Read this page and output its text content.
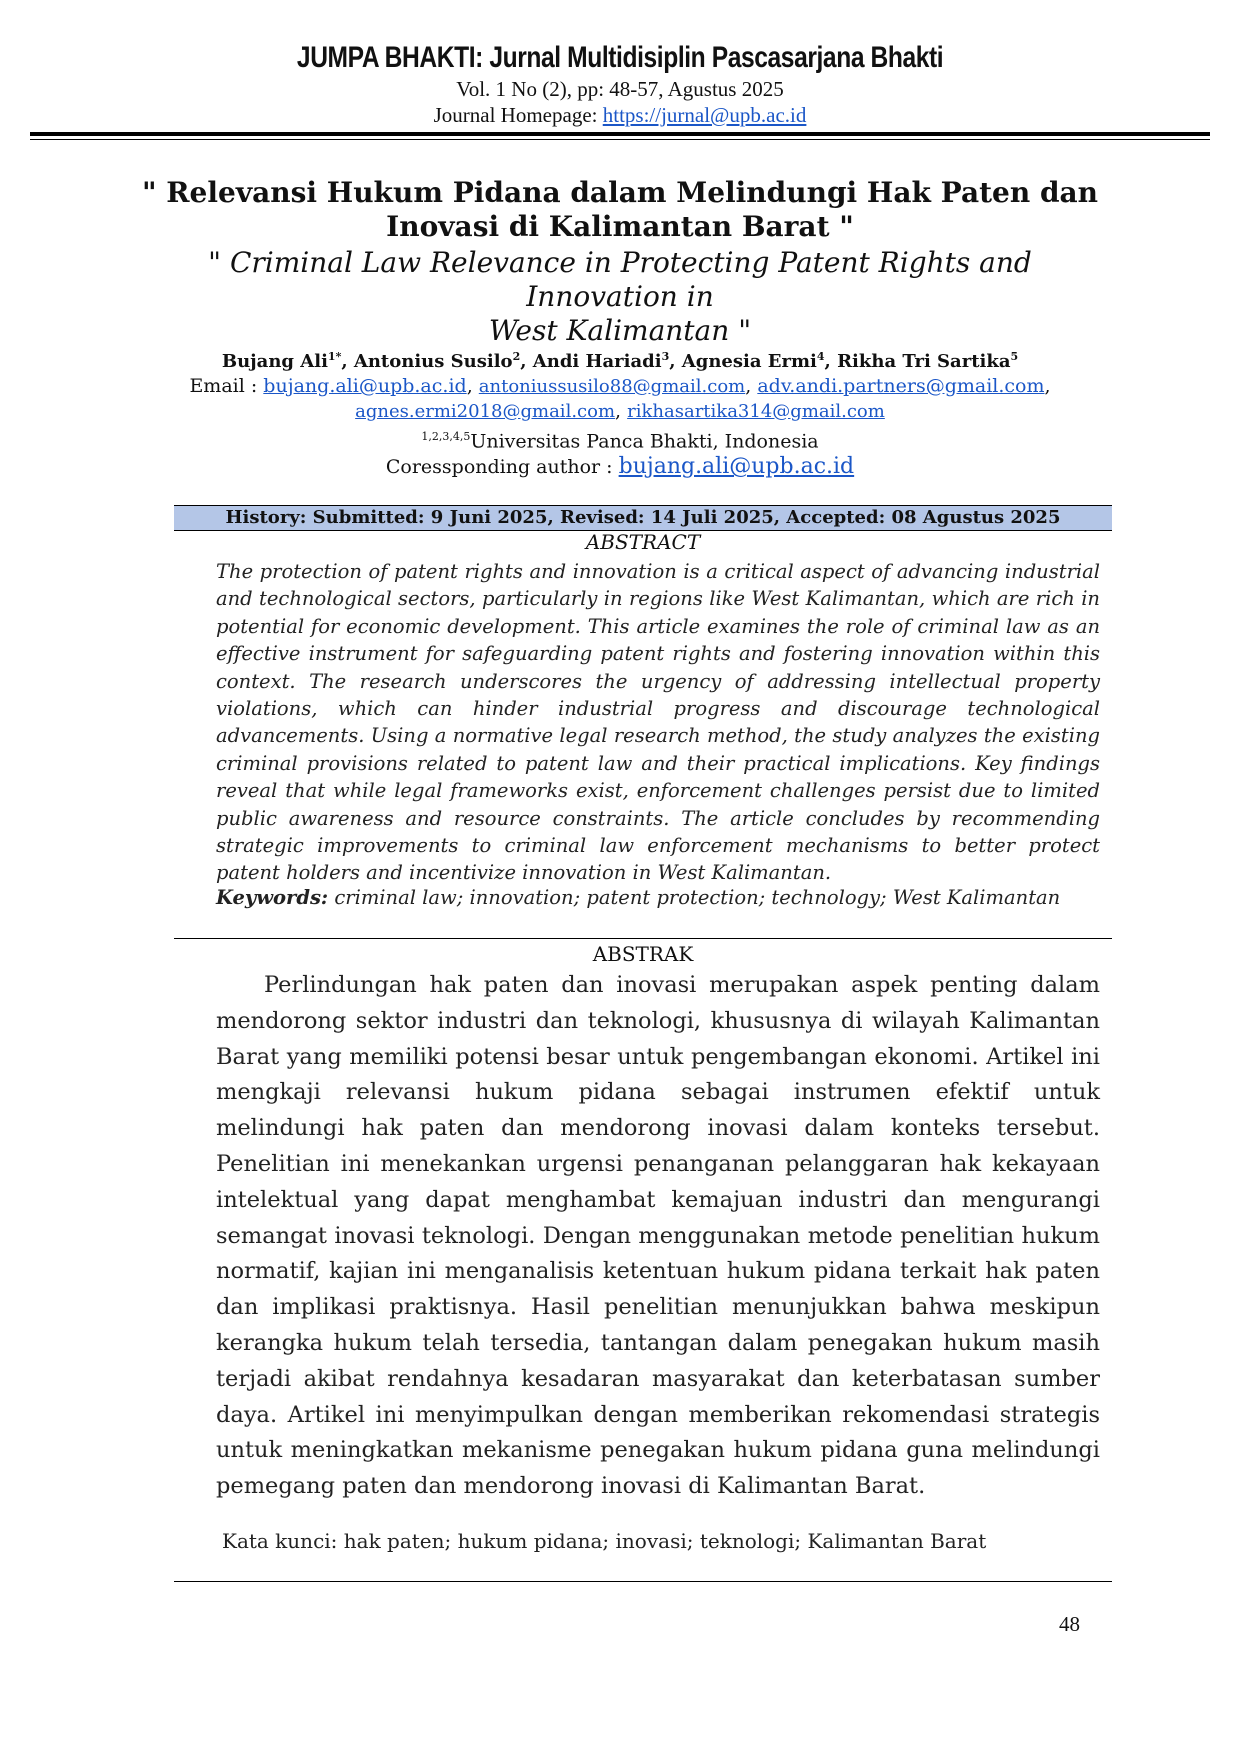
JUMPA BHAKTI: Jurnal Multidisiplin Pascasarjana Bhakti
Vol. 1 No (2), pp: 48-57, Agustus 2025
Journal Homepage: https://jurnal@upb.ac.id
" Relevansi Hukum Pidana dalam Melindungi Hak Paten dan
Inovasi di Kalimantan Barat "
" Criminal Law Relevance in Protecting Patent Rights and Innovation in
West Kalimantan "
Bujang Ali$^{1*}$, Antonius Susilo$^2$, Andi Hariadi$^3$, Agnesia Ermi$^4$, Rikha Tri Sartika$^5$
Email : bujang.ali@upb.ac.id, antoniussusilo88@gmail.com, adv.andi.partners@gmail.com,
agnes.ermi2018@gmail.com, rikhasartika314@gmail.com
$^{1,2,3,4,5}$Universitas Panca Bhakti, Indonesia
Coressponding author : bujang.ali@upb.ac.id
History: Submitted: 9 Juni 2025, Revised: 14 Juli 2025, Accepted: 08 Agustus 2025
ABSTRACT

The protection of patent rights and innovation is a critical aspect of advancing industrial and technological sectors, particularly in regions like West Kalimantan, which are rich in potential for economic development. This article examines the role of criminal law as an effective instrument for safeguarding patent rights and fostering innovation within this context. The research underscores the urgency of addressing intellectual property violations, which can hinder industrial progress and discourage technological advancements. Using a normative legal research method, the study analyzes the existing criminal provisions related to patent law and their practical implications. Key findings reveal that while legal frameworks exist, enforcement challenges persist due to limited public awareness and resource constraints. The article concludes by recommending strategic improvements to criminal law enforcement mechanisms to better protect patent holders and incentivize innovation in West Kalimantan.

Keywords: criminal law; innovation; patent protection; technology; West Kalimantan
ABSTRAK

Perlindungan hak paten dan inovasi merupakan aspek penting dalam mendorong sektor industri dan teknologi, khususnya di wilayah Kalimantan Barat yang memiliki potensi besar untuk pengembangan ekonomi. Artikel ini mengkaji relevansi hukum pidana sebagai instrumen efektif untuk melindungi hak paten dan mendorong inovasi dalam konteks tersebut. Penelitian ini menekankan urgensi penanganan pelanggaran hak kekayaan intelektual yang dapat menghambat kemajuan industri dan mengurangi semangat inovasi teknologi. Dengan menggunakan metode penelitian hukum normatif, kajian ini menganalisis ketentuan hukum pidana terkait hak paten dan implikasi praktisnya. Hasil penelitian menunjukkan bahwa meskipun kerangka hukum telah tersedia, tantangan dalam penegakan hukum masih terjadi akibat rendahnya kesadaran masyarakat dan keterbatasan sumber daya. Artikel ini menyimpulkan dengan memberikan rekomendasi strategis untuk meningkatkan mekanisme penegakan hukum pidana guna melindungi pemegang paten dan mendorong inovasi di Kalimantan Barat.

Kata kunci: hak paten; hukum pidana; inovasi; teknologi; Kalimantan Barat
48
